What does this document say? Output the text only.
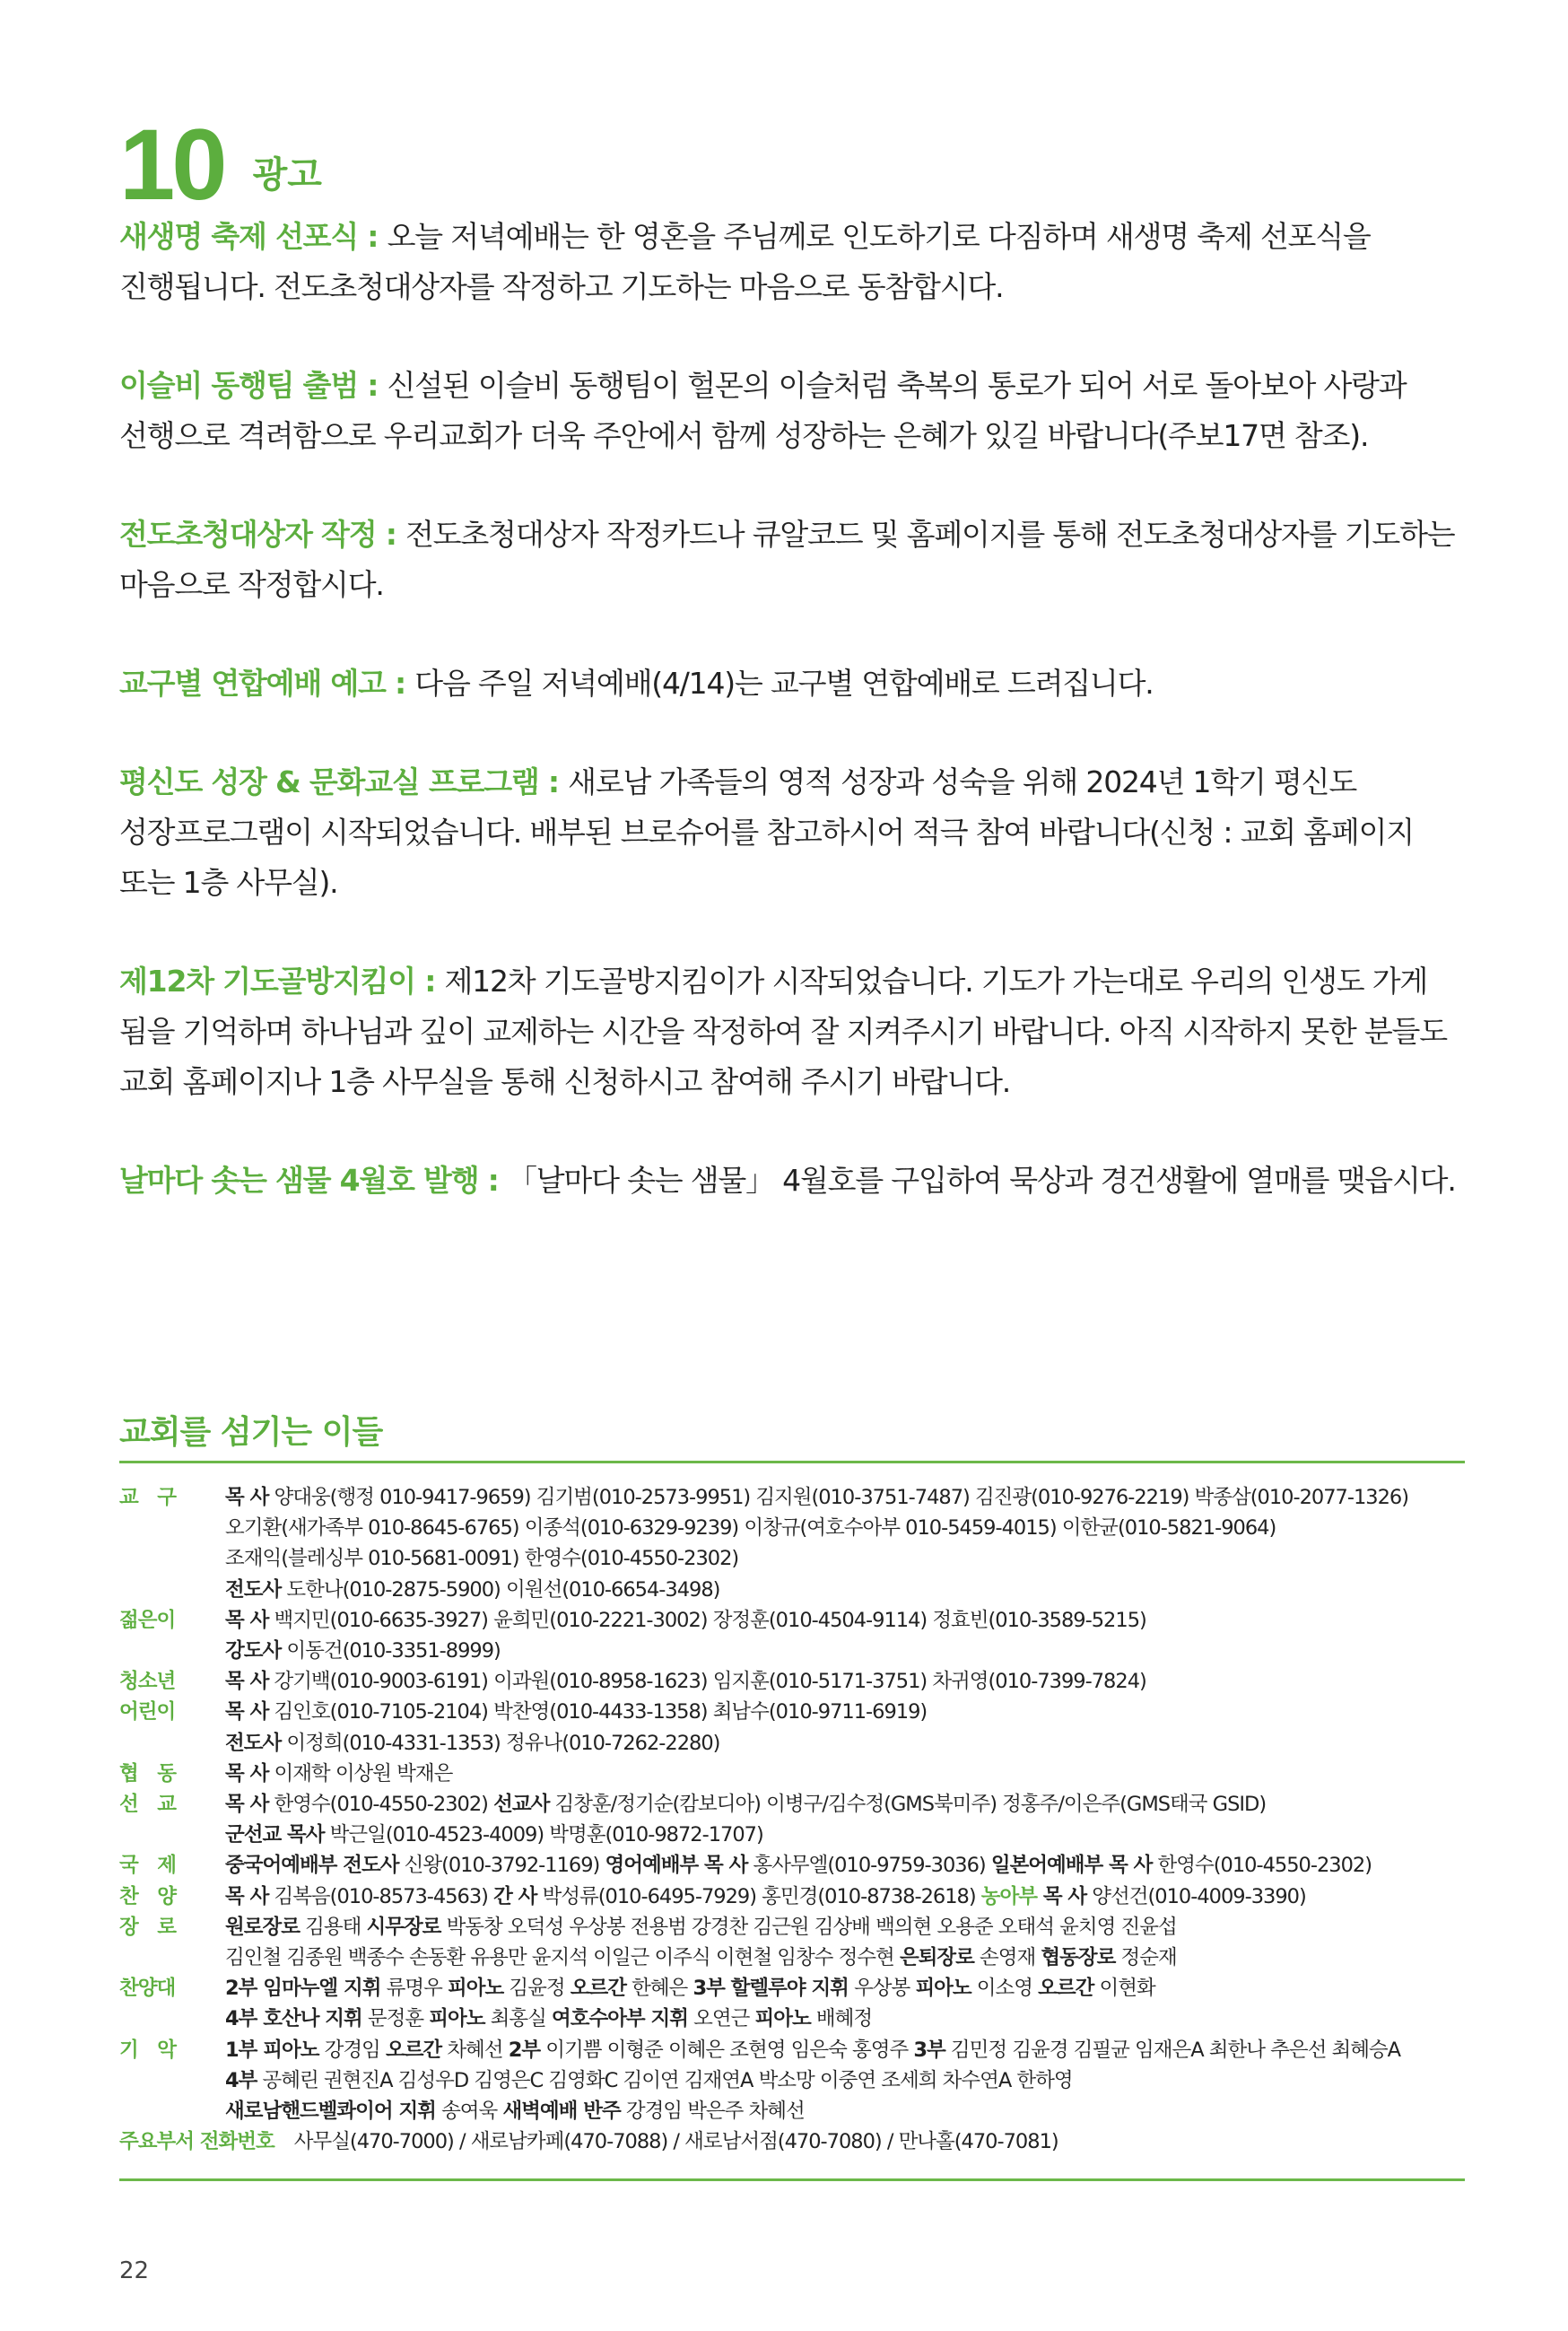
10 광고

새생명 축제 선포식 : 오늘 저녁예배는 한 영혼을 주님께로 인도하기로 다짐하며 새생명 축제 선포식을 진행됩니다. 전도초청대상자를 작정하고 기도하는 마음으로 동참합시다.

이슬비 동행팀 출범 : 신설된 이슬비 동행팀이 헐몬의 이슬처럼 축복의 통로가 되어 서로 돌아보아 사랑과 선행으로 격려함으로 우리교회가 더욱 주안에서 함께 성장하는 은혜가 있길 바랍니다(주보17면 참조).

전도초청대상자 작정 : 전도초청대상자 작정카드나 큐알코드 및 홈페이지를 통해 전도초청대상자를 기도하는 마음으로 작정합시다.

교구별 연합예배 예고 : 다음 주일 저녁예배(4/14)는 교구별 연합예배로 드려집니다.

평신도 성장 & 문화교실 프로그램 : 새로남 가족들의 영적 성장과 성숙을 위해 2024년 1학기 평신도 성장프로그램이 시작되었습니다. 배부된 브로슈어를 참고하시어 적극 참여 바랍니다(신청 : 교회 홈페이지 또는 1층 사무실).

제12차 기도골방지킴이 : 제12차 기도골방지킴이가 시작되었습니다. 기도가 가는대로 우리의 인생도 가게 됨을 기억하며 하나님과 깊이 교제하는 시간을 작정하여 잘 지켜주시기 바랍니다. 아직 시작하지 못한 분들도 교회 홈페이지나 1층 사무실을 통해 신청하시고 참여해 주시기 바랍니다.

날마다 솟는 샘물 4월호 발행 : 「날마다 솟는 샘물」 4월호를 구입하여 묵상과 경건생활에 열매를 맺읍시다.

교회를 섬기는 이들
교　구	목 사 양대웅(행정 010-9417-9659) 김기범(010-2573-9951) 김지원(010-3751-7487) 김진광(010-9276-2219) 박종삼(010-2077-1326)
오기환(새가족부 010-8645-6765) 이종석(010-6329-9239) 이창규(여호수아부 010-5459-4015) 이한균(010-5821-9064)
조재익(블레싱부 010-5681-0091) 한영수(010-4550-2302)
전도사 도한나(010-2875-5900) 이원선(010-6654-3498)
젊은이	목 사 백지민(010-6635-3927) 윤희민(010-2221-3002) 장정훈(010-4504-9114) 정효빈(010-3589-5215)
강도사 이동건(010-3351-8999)
청소년	목 사 강기백(010-9003-6191) 이과원(010-8958-1623) 임지훈(010-5171-3751) 차귀영(010-7399-7824)
어린이	목 사 김인호(010-7105-2104) 박찬영(010-4433-1358) 최남수(010-9711-6919)
전도사 이정희(010-4331-1353) 정유나(010-7262-2280)
협　동	목 사 이재학 이상원 박재은
선　교	목 사 한영수(010-4550-2302) 선교사 김창훈/정기순(캄보디아) 이병구/김수정(GMS북미주) 정홍주/이은주(GMS태국 GSID)
군선교 목사 박근일(010-4523-4009) 박명훈(010-9872-1707)
국　제	중국어예배부 전도사 신왕(010-3792-1169) 영어예배부 목 사 홍사무엘(010-9759-3036) 일본어예배부 목 사 한영수(010-4550-2302)
찬　양	목 사 김복음(010-8573-4563) 간 사 박성류(010-6495-7929) 홍민경(010-8738-2618) 농아부 목 사 양선건(010-4009-3390)
장　로	원로장로 김용태 시무장로 박동창 오덕성 우상봉 전용범 강경찬 김근원 김상배 백의현 오용준 오태석 윤치영 진윤섭
김인철 김종원 백종수 손동환 유용만 윤지석 이일근 이주식 이현철 임창수 정수현 은퇴장로 손영재 협동장로 정순재
찬양대	2부 임마누엘 지휘 류명우 피아노 김윤정 오르간 한혜은 3부 할렐루야 지휘 우상봉 피아노 이소영 오르간 이현화
4부 호산나 지휘 문정훈 피아노 최홍실 여호수아부 지휘 오연근 피아노 배혜정
기　악	1부 피아노 강경임 오르간 차혜선 2부 이기쁨 이형준 이혜은 조현영 임은숙 홍영주 3부 김민정 김윤경 김필균 임재은A 최한나 추은선 최혜승A
4부 공혜린 권현진A 김성우D 김영은C 김영화C 김이연 김재연A 박소망 이중연 조세희 차수연A 한하영
새로남핸드벨콰이어 지휘 송여욱 새벽예배 반주 강경임 박은주 차혜선
주요부서 전화번호 사무실(470-7000) / 새로남카페(470-7088) / 새로남서점(470-7080) / 만나홀(470-7081)
22
